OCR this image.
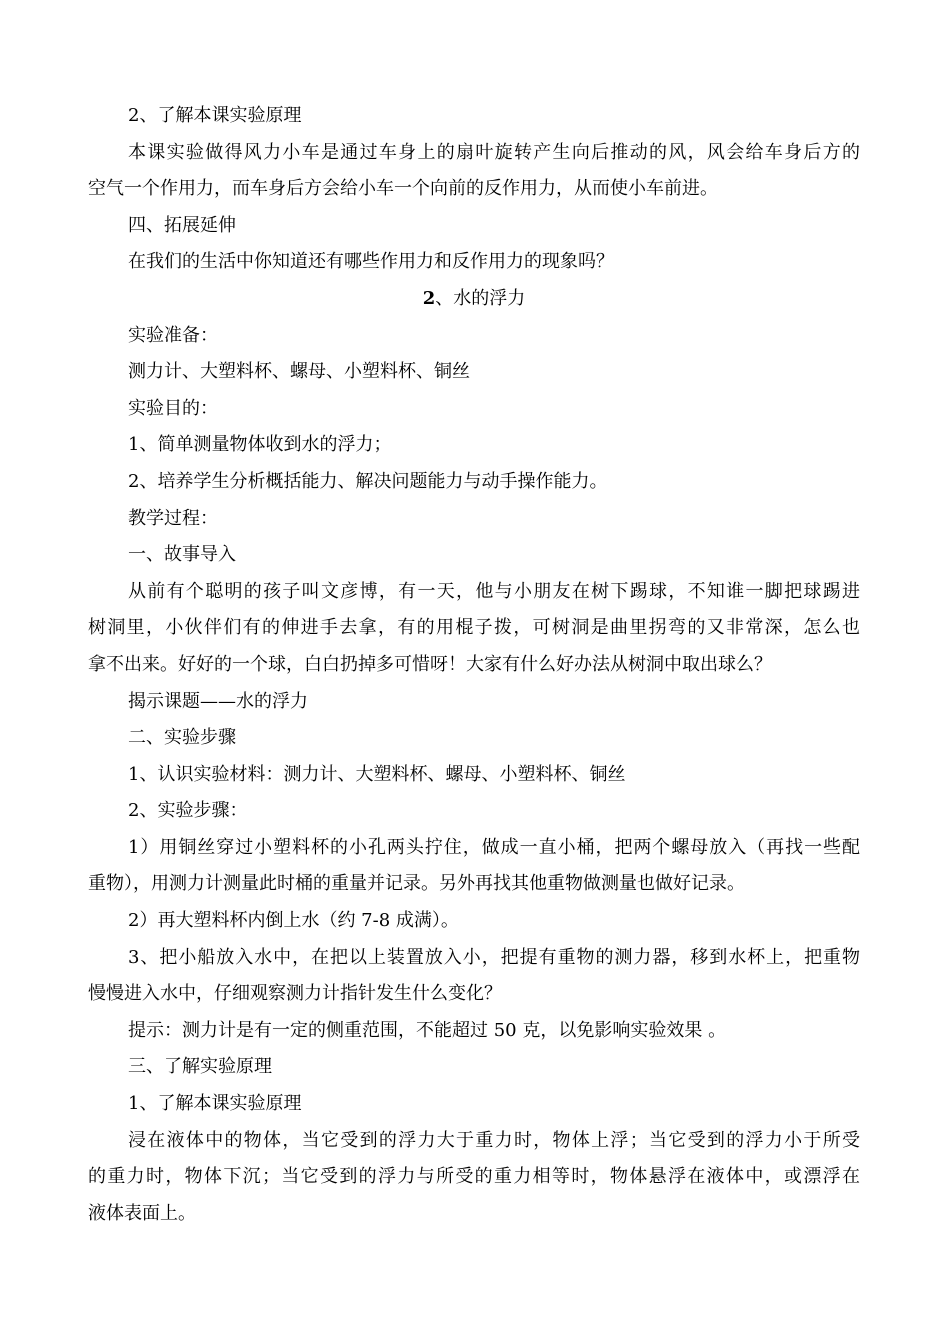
2、了解本课实验原理
本课实验做得风力小车是通过车身上的扇叶旋转产生向后推动的风，风会给车身后方的
空气一个作用力，而车身后方会给小车一个向前的反作用力，从而使小车前进。
四、拓展延伸
在我们的生活中你知道还有哪些作用力和反作用力的现象吗？
2、水的浮力
实验准备：
测力计、大塑料杯、螺母、小塑料杯、铜丝
实验目的：
1、简单测量物体收到水的浮力；
2、培养学生分析概括能力、解决问题能力与动手操作能力。
教学过程：
一、故事导入
从前有个聪明的孩子叫文彦博，有一天，他与小朋友在树下踢球，不知谁一脚把球踢进
树洞里，小伙伴们有的伸进手去拿，有的用棍子拨，可树洞是曲里拐弯的又非常深，怎么也
拿不出来。好好的一个球，白白扔掉多可惜呀！大家有什么好办法从树洞中取出球么？
揭示课题——水的浮力
二、实验步骤
1、认识实验材料：测力计、大塑料杯、螺母、小塑料杯、铜丝
2、实验步骤：
1）用铜丝穿过小塑料杯的小孔两头拧住，做成一直小桶，把两个螺母放入（再找一些配
重物），用测力计测量此时桶的重量并记录。另外再找其他重物做测量也做好记录。
2）再大塑料杯内倒上水（约 7-8 成满）。
3、把小船放入水中，在把以上装置放入小，把提有重物的测力器，移到水杯上，把重物
慢慢进入水中，仔细观察测力计指针发生什么变化？
提示：测力计是有一定的侧重范围，不能超过 50 克，以免影响实验效果 。
三、了解实验原理
1、了解本课实验原理
浸在液体中的物体，当它受到的浮力大于重力时，物体上浮；当它受到的浮力小于所受
的重力时，物体下沉；当它受到的浮力与所受的重力相等时，物体悬浮在液体中，或漂浮在
液体表面上。
